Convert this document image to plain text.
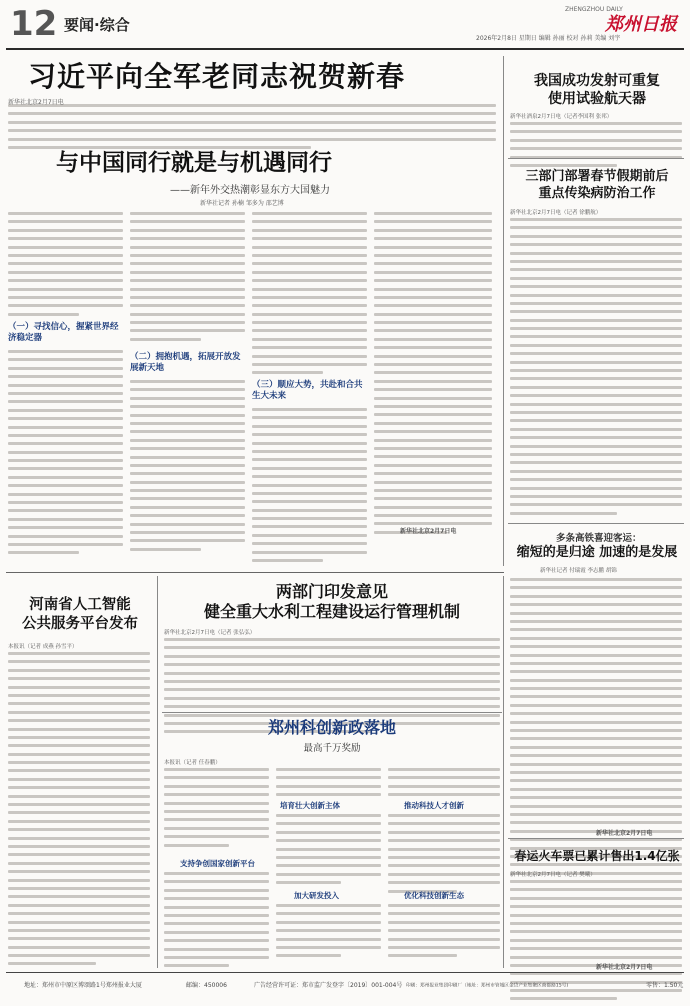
12 要闻·综合
ZHENGZHOU DAILY
郑州日报
2026年2月8日 星期日 编辑 孙丽 校对 孙莉 美编 刘宇
习近平向全军老同志祝贺新春
新华社北京2月7日电
与中国同行就是与机遇同行
——新年外交热潮彰显东方大国魅力
新华社记者 孙楠 邹多为 邵艺博
（一）寻找信心，握紧世界经济稳定器
（二）拥抱机遇，拓展开放发展新天地
（三）顺应大势，共赴和合共生大未来
新华社北京2月7日电
我国成功发射可重复
使用试验航天器
新华社酒泉2月7日电（记者李国利 张邦）
三部门部署春节假期前后
重点传染病防治工作
新华社北京2月7日电（记者 徐鹏航）
多条高铁喜迎客运：
缩短的是归途 加速的是发展
新华社记者 付瑞霞 李志鹏 胡锦
新华社北京2月7日电
河南省人工智能
公共服务平台发布
本报讯（记者 成燕 孙雪平）
两部门印发意见
健全重大水利工程建设运行管理机制
新华社北京2月7日电（记者 张弘弘）
郑州科创新政落地
最高千万奖励
本报讯（记者 任春鹏）
支持争创国家创新平台
培育壮大创新主体
加大研发投入
推动科技人才创新
优化科技创新生态
春运火车票已累计售出1.4亿张
新华社北京2月7日电（记者 樊曦）
新华社北京2月7日电
地址：郑州市中原区博颂路1号郑州报业大厦	邮编：450006	广告经营许可证：郑市监广发登字〔2019〕001-004号 印刷：郑州报业集团印刷厂（地址：郑州市管城区金岱产业集聚区商都路15号)	零售：1.50元
